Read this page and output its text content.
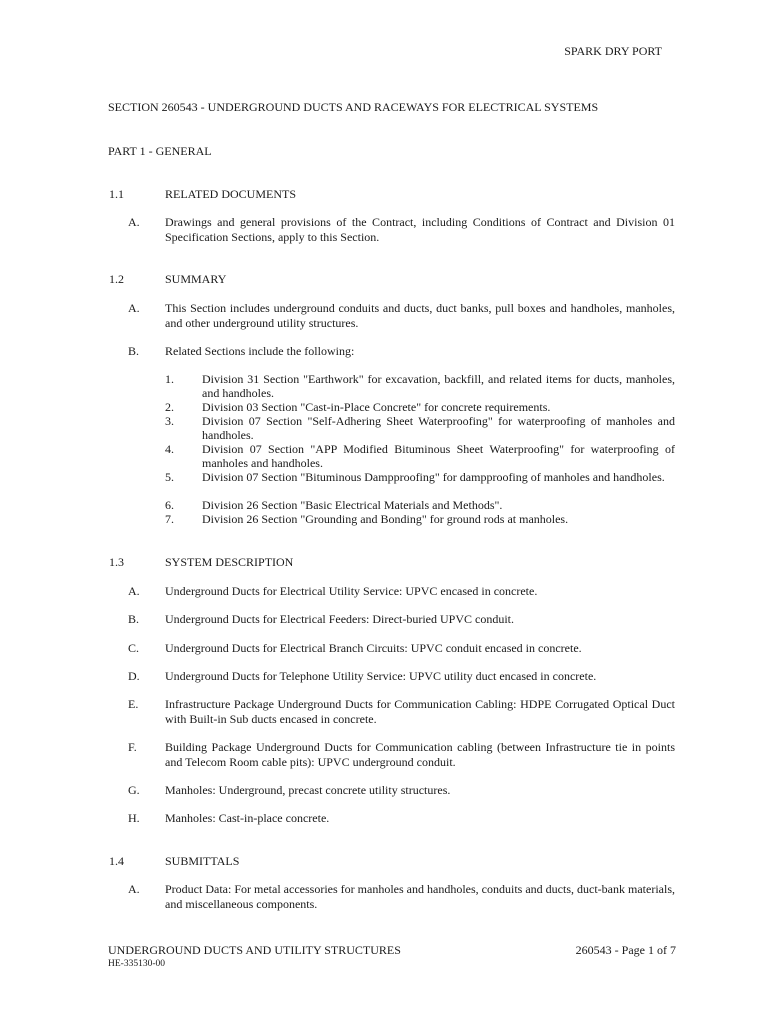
SPARK DRY PORT
SECTION 260543 - UNDERGROUND DUCTS AND RACEWAYS FOR ELECTRICAL SYSTEMS
PART 1 - GENERAL
1.1	RELATED DOCUMENTS
A. Drawings and general provisions of the Contract, including Conditions of Contract and Division 01 Specification Sections, apply to this Section.
1.2	SUMMARY
A. This Section includes underground conduits and ducts, duct banks, pull boxes and handholes, manholes, and other underground utility structures.
B. Related Sections include the following:
1. Division 31 Section "Earthwork" for excavation, backfill, and related items for ducts, manholes, and handholes.
2. Division 03 Section "Cast-in-Place Concrete" for concrete requirements.
3. Division 07 Section "Self-Adhering Sheet Waterproofing" for waterproofing of manholes and handholes.
4. Division 07 Section "APP Modified Bituminous Sheet Waterproofing" for waterproofing of manholes and handholes.
5. Division 07 Section "Bituminous Dampproofing" for dampproofing of manholes and handholes.
6. Division 26 Section "Basic Electrical Materials and Methods".
7. Division 26 Section "Grounding and Bonding" for ground rods at manholes.
1.3	SYSTEM DESCRIPTION
A. Underground Ducts for Electrical Utility Service: UPVC encased in concrete.
B. Underground Ducts for Electrical Feeders: Direct-buried UPVC conduit.
C. Underground Ducts for Electrical Branch Circuits: UPVC conduit encased in concrete.
D. Underground Ducts for Telephone Utility Service: UPVC utility duct encased in concrete.
E. Infrastructure Package Underground Ducts for Communication Cabling: HDPE Corrugated Optical Duct with Built-in Sub ducts encased in concrete.
F. Building Package Underground Ducts for Communication cabling (between Infrastructure tie in points and Telecom Room cable pits): UPVC underground conduit.
G. Manholes: Underground, precast concrete utility structures.
H. Manholes: Cast-in-place concrete.
1.4	SUBMITTALS
A. Product Data: For metal accessories for manholes and handholes, conduits and ducts, duct-bank materials, and miscellaneous components.
UNDERGROUND DUCTS AND UTILITY STRUCTURES
HE-335130-00
260543 - Page 1 of 7
